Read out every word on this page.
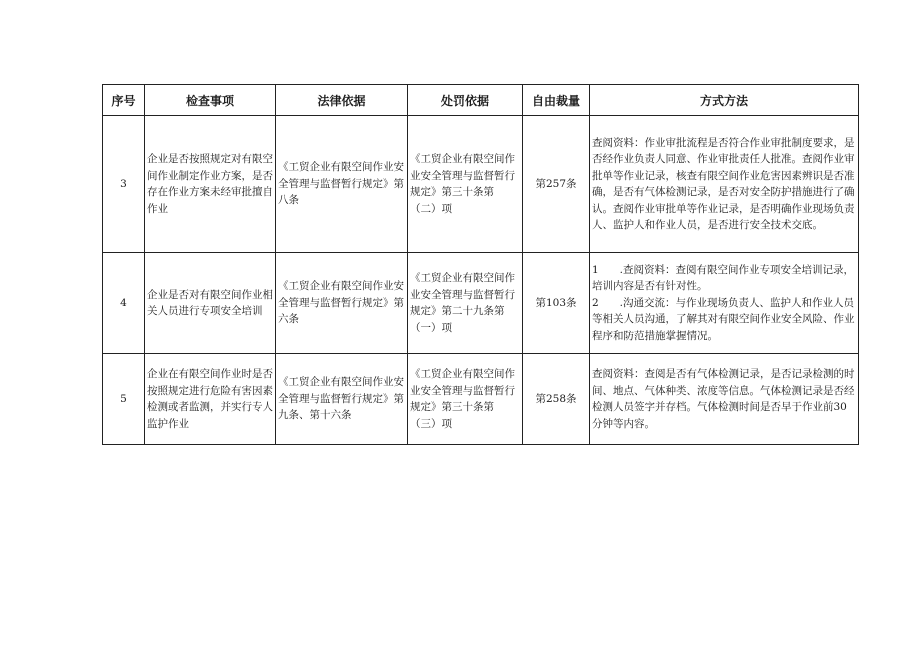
序号	检查事项	法律依据	处罚依据	自由裁量	方式方法
3	企业是否按照规定对有限空间作业制定作业方案，是否存在作业方案未经审批擅自作业	《工贸企业有限空间作业安全管理与监督暂行规定》第八条	《工贸企业有限空间作业安全管理与监督暂行规定》第三十条第（二）项	第257条	查阅资料：作业审批流程是否符合作业审批制度要求，是否经作业负责人同意、作业审批责任人批准。查阅作业审批单等作业记录，核查有限空间作业危害因素辨识是否准确，是否有气体检测记录，是否对安全防护措施进行了确认。查阅作业审批单等作业记录，是否明确作业现场负责人、监护人和作业人员，是否进行安全技术交底。

4	企业是否对有限空间作业相关人员进行专项安全培训	《工贸企业有限空间作业安全管理与监督暂行规定》第六条	《工贸企业有限空间作业安全管理与监督暂行规定》第二十九条第（一）项	第103条	1　　.查阅资料：查阅有限空间作业专项安全培训记录，培训内容是否有针对性。
2　　.沟通交流：与作业现场负责人、监护人和作业人员等相关人员沟通，了解其对有限空间作业安全风险、作业程序和防范措施掌握情况。

5	企业在有限空间作业时是否按照规定进行危险有害因素检测或者监测，并实行专人监护作业	《工贸企业有限空间作业安全管理与监督暂行规定》第九条、第十六条	《工贸企业有限空间作业安全管理与监督暂行规定》第三十条第（三）项	第258条	查阅资料：查阅是否有气体检测记录，是否记录检测的时间、地点、气体种类、浓度等信息。气体检测记录是否经检测人员签字并存档。气体检测时间是否早于作业前30分钟等内容。
